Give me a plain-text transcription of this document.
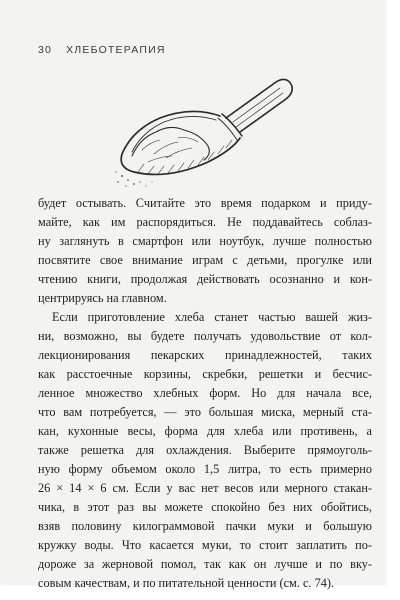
30 ХЛЕБОТЕРАПИЯ

будет остывать. Считайте это время подарком и приду-

майте, как им распорядиться. Не поддавайтесь соблаз-

ну заглянуть в смартфон или ноутбук, лучше полностью

посвятите свое внимание играм с детьми, прогулке или

чтению книги, продолжая действовать осознанно и кон-

центрируясь на главном.

Если приготовление хлеба станет частью вашей жиз-

ни, возможно, вы будете получать удовольствие от кол-

лекционирования пекарских принадлежностей, таких

как расстоечные корзины, скребки, решетки и бесчис-

ленное множество хлебных форм. Но для начала все,

что вам потребуется, — это большая миска, мерный ста-

кан, кухонные весы, форма для хлеба или противень, а

также решетка для охлаждения. Выберите прямоуголь-

ную форму объемом около 1,5 литра, то есть примерно

26 × 14 × 6 см. Если у вас нет весов или мерного стакан-

чика, в этот раз вы можете спокойно без них обойтись,

взяв половину килограммовой пачки муки и большую

кружку воды. Что касается муки, то стоит заплатить по-

дороже за жерновой помол, так как он лучше и по вку-

совым качествам, и по питательной ценности (см. с. 74).
